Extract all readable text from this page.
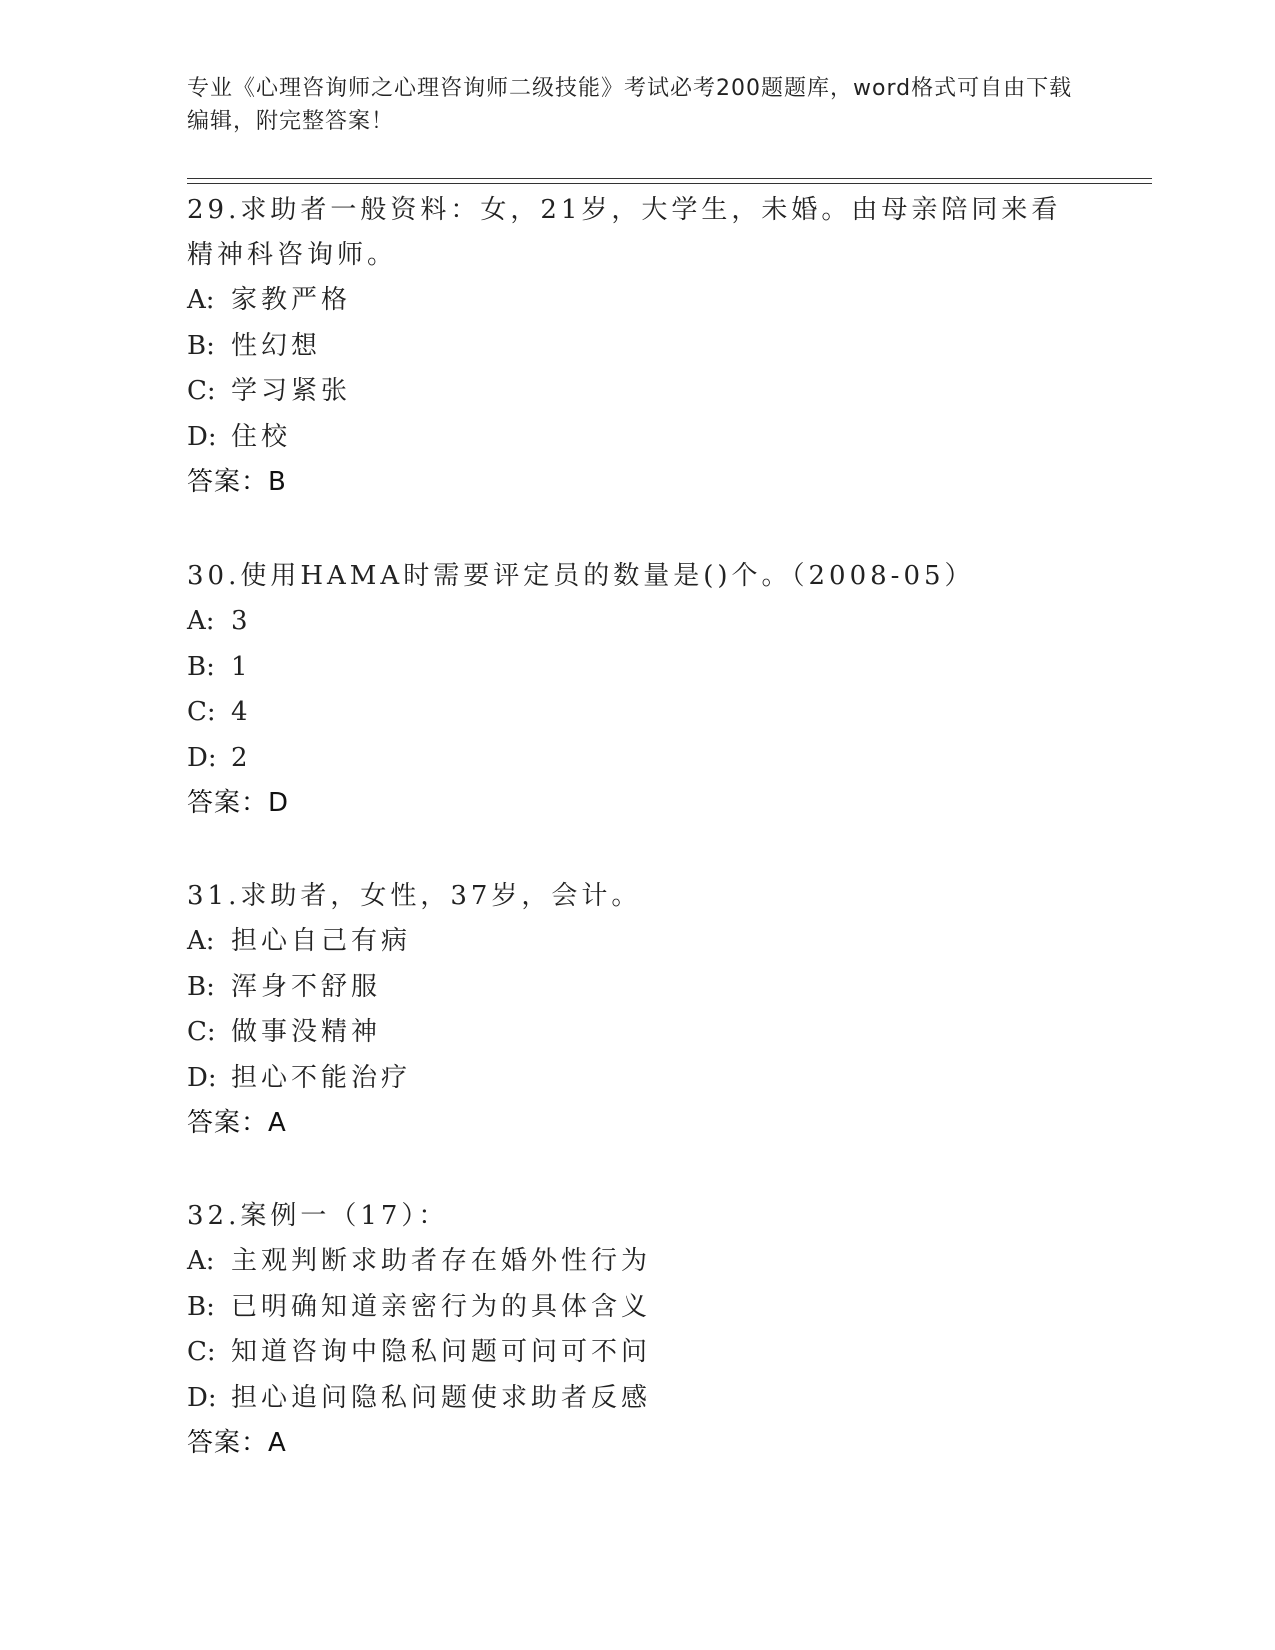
专业《心理咨询师之心理咨询师二级技能》考试必考200题题库，word格式可自由下载编辑，附完整答案！

29.求助者一般资料：女，21岁，大学生，未婚。由母亲陪同来看精神科咨询师。

A: 家教严格
B: 性幻想
C: 学习紧张
D: 住校
答案：B

30.使用HAMA时需要评定员的数量是()个。（2008-05）

A: 3
B: 1
C: 4
D: 2
答案：D

31.求助者，女性，37岁，会计。

A: 担心自己有病
B: 浑身不舒服
C: 做事没精神
D: 担心不能治疗
答案：A

32.案例一（17）：

A: 主观判断求助者存在婚外性行为
B: 已明确知道亲密行为的具体含义
C: 知道咨询中隐私问题可问可不问
D: 担心追问隐私问题使求助者反感
答案：A
